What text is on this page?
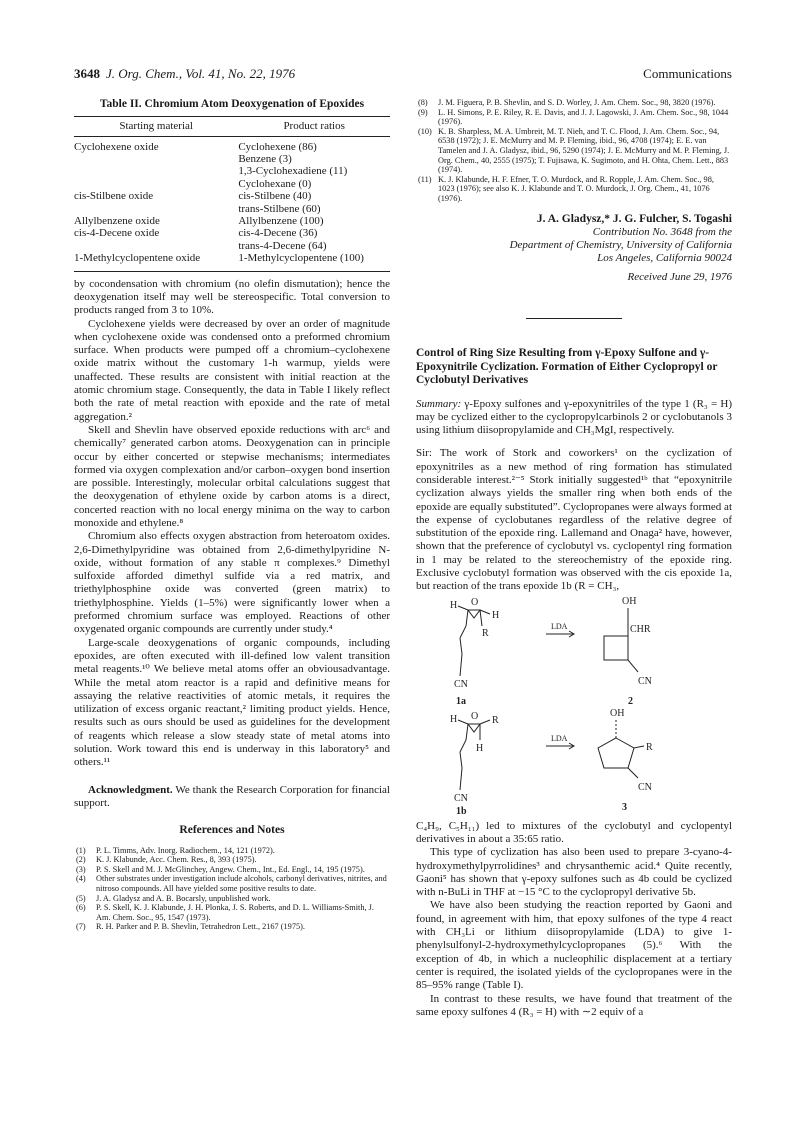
3648 J. Org. Chem., Vol. 41, No. 22, 1976	Communications
Table II. Chromium Atom Deoxygenation of Epoxides
Starting material	Product ratios
Cyclohexene oxide	Cyclohexene (86)
	Benzene (3)
	1,3-Cyclohexadiene (11)
	Cyclohexane (0)
cis-Stilbene oxide	cis-Stilbene (40)
	trans-Stilbene (60)
Allylbenzene oxide	Allylbenzene (100)
cis-4-Decene oxide	cis-4-Decene (36)
	trans-4-Decene (64)
1-Methylcyclopentene oxide	1-Methylcyclopentene (100)

by cocondensation with chromium (no olefin dismutation); hence the deoxygenation itself may well be stereospecific. Total conversion to products ranged from 3 to 10%.

Cyclohexene yields were decreased by over an order of magnitude when cyclohexene oxide was condensed onto a preformed chromium surface. When products were pumped off a chromium–cyclohexene oxide matrix without the customary 1-h warmup, yields were unaffected. These results are consistent with initial reaction at the atomic chromium stage. Consequently, the data in Table I likely reflect both the rate of metal reaction with epoxide and the rate of metal aggregation.²

Skell and Shevlin have observed epoxide reductions with arc⁶ and chemically⁷ generated carbon atoms. Deoxygenation can in principle occur by either concerted or stepwise mechanisms; intermediates formed via oxygen complexation and/or carbon–oxygen bond insertion are possible. Interestingly, molecular orbital calculations suggest that the deoxygenation of ethylene oxide by carbon atoms is a direct, concerted reaction with no local energy minima on the way to carbon monoxide and ethylene.⁸

Chromium also effects oxygen abstraction from heteroatom oxides. 2,6-Dimethylpyridine was obtained from 2,6-dimethylpyridine N-oxide, without formation of any stable π complexes.⁹ Dimethyl sulfoxide afforded dimethyl sulfide via a red matrix, and triethylphosphine oxide was converted (green matrix) to triethylphosphine. Yields (1–5%) were significantly lower when a preformed chromium surface was employed. Reactions of other oxygenated organic compounds are currently under study.⁴

Large-scale deoxygenations of organic compounds, including epoxides, are often executed with ill-defined low valent transition metal reagents.¹⁰ We believe metal atoms offer an obviousadvantage. While the metal atom reactor is a rapid and definitive means for assaying the relative reactivities of atomic metals, it requires the utilization of excess organic reactant,² limiting product yields. Hence, results such as ours should be used as guidelines for the development of reagents which release a slow steady state of metal atoms into solution. Work toward this end is underway in this laboratory⁵ and others.¹¹

Acknowledgment. We thank the Research Corporation for financial support.

References and Notes
(1) P. L. Timms, Adv. Inorg. Radiochem., 14, 121 (1972).
(2) K. J. Klabunde, Acc. Chem. Res., 8, 393 (1975).
(3) P. S. Skell and M. J. McGlinchey, Angew. Chem., Int., Ed. Engl., 14, 195 (1975).
(4) Other substrates under investigation include alcohols, carbonyl derivatives, nitrites, and nitroso compounds. All have yielded some positive results to date.
(5) J. A. Gladysz and A. B. Bocarsly, unpublished work.
(6) P. S. Skell, K. J. Klabunde, J. H. Plonka, J. S. Roberts, and D. L. Williams-Smith, J. Am. Chem. Soc., 95, 1547 (1973).
(7) R. H. Parker and P. B. Shevlin, Tetrahedron Lett., 2167 (1975).
(8) J. M. Figuera, P. B. Shevlin, and S. D. Worley, J. Am. Chem. Soc., 98, 3820 (1976).
(9) L. H. Simons, P. E. Riley, R. E. Davis, and J. J. Lagowski, J. Am. Chem. Soc., 98, 1044 (1976).
(10) K. B. Sharpless, M. A. Umbreit, M. T. Nieh, and T. C. Flood, J. Am. Chem. Soc., 94, 6538 (1972); J. E. McMurry and M. P. Fleming, ibid., 96, 4708 (1974); E. E. van Tamelen and J. A. Gladysz, ibid., 96, 5290 (1974); J. E. McMurry and M. P. Fleming, J. Org. Chem., 40, 2555 (1975); T. Fujisawa, K. Sugimoto, and H. Ohta, Chem. Lett., 883 (1974).
(11) K. J. Klabunde, H. F. Efner, T. O. Murdock, and R. Ropple, J. Am. Chem. Soc., 98, 1023 (1976); see also K. J. Klabunde and T. O. Murdock, J. Org. Chem., 41, 1076 (1976).
J. A. Gladysz,* J. G. Fulcher, S. Togashi
Contribution No. 3648 from the
Department of Chemistry, University of California
Los Angeles, California 90024
Received June 29, 1976
Control of Ring Size Resulting from γ-Epoxy Sulfone and γ-Epoxynitrile Cyclization. Formation of Either Cyclopropyl or Cyclobutyl Derivatives

Summary: γ-Epoxy sulfones and γ-epoxynitriles of the type 1 (R₃ = H) may be cyclized either to the cyclopropylcarbinols 2 or cyclobutanols 3 using lithium diisopropylamide and CH₃MgI, respectively.

Sir: The work of Stork and coworkers¹ on the cyclization of epoxynitriles as a new method of ring formation has stimulated considerable interest.²⁻⁵ Stork initially suggested¹ᵇ that “epoxynitrile cyclization always yields the smaller ring when both ends of the epoxide are equally substituted”. Cyclopropanes were always formed at the expense of cyclobutanes regardless of the relative degree of substitution of the epoxide ring. Lallemand and Onaga² have, however, shown that the preference of cyclobutyl vs. cyclopentyl ring formation in 1 may be related to the stereochemistry of the epoxide ring. Exclusive cyclobutyl formation was observed with the cis epoxide 1a, but reaction of the trans epoxide 1b (R = CH₃,

H O
H
R
CN
1a
LDA
OH
CHR
CN
2
H O R
H
CN
1b
LDA
OH
R
CN
3

C₄H₉, C₅H₁₁) led to mixtures of the cyclobutyl and cyclopentyl derivatives in about a 35:65 ratio.

This type of cyclization has also been used to prepare 3-cyano-4-hydroxymethylpyrrolidines³ and chrysanthemic acid.⁴ Quite recently, Gaoni⁵ has shown that γ-epoxy sulfones such as 4b could be cyclized with n-BuLi in THF at −15 °C to the cyclopropyl derivative 5b.

We have also been studying the reaction reported by Gaoni and found, in agreement with him, that epoxy sulfones of the type 4 react with CH₃Li or lithium diisopropylamide (LDA) to give 1-phenylsulfonyl-2-hydroxymethylcyclopropanes (5).⁶ With the exception of 4b, in which a nucleophilic displacement at a tertiary center is required, the isolated yields of the cyclopropanes were in the 85–95% range (Table I).

In contrast to these results, we have found that treatment of the same epoxy sulfones 4 (R₃ = H) with ∼2 equiv of a
